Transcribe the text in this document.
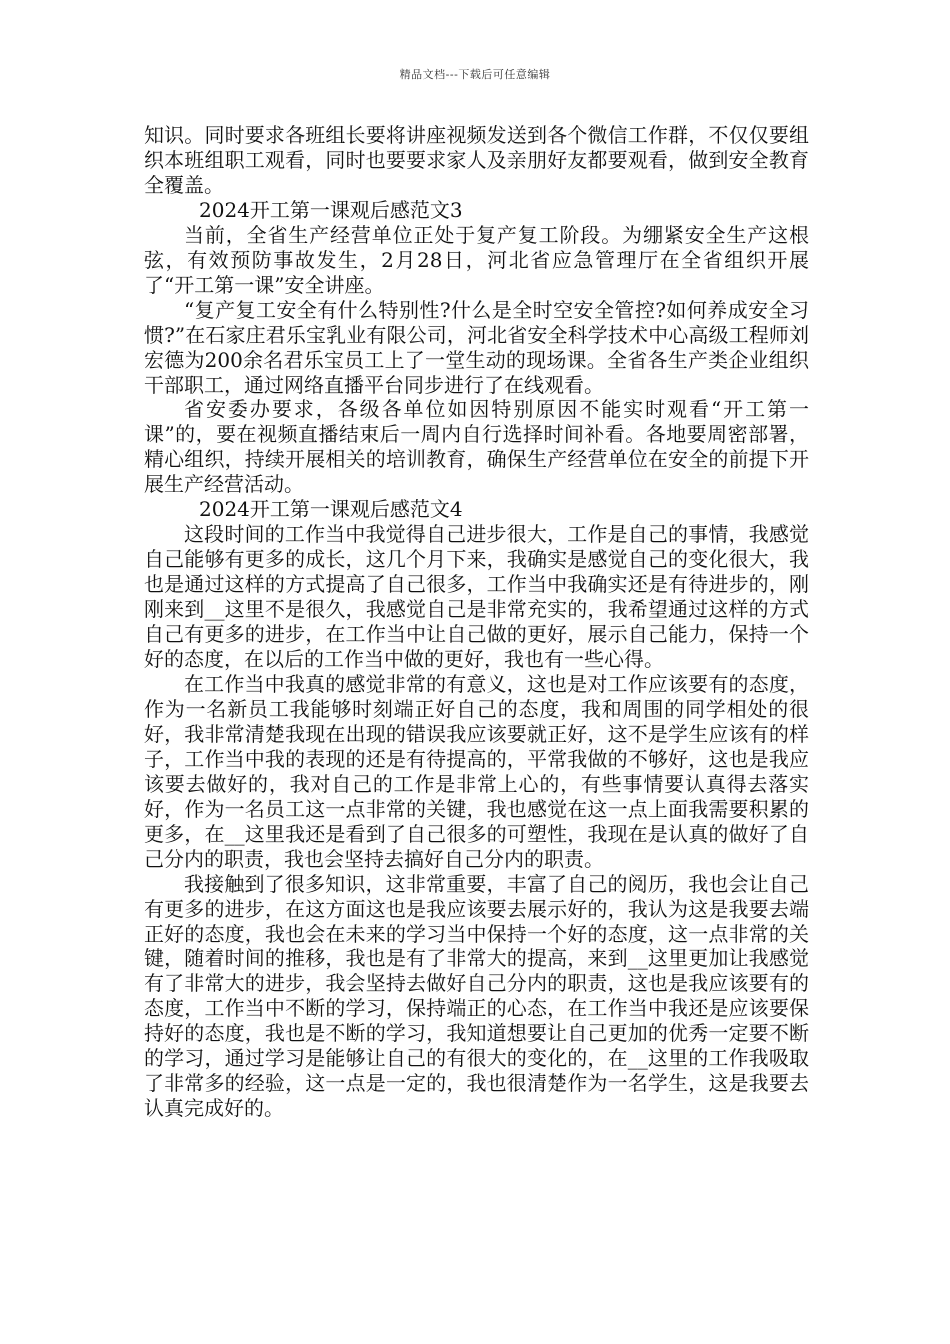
精品文档---下载后可任意编辑

知识。同时要求各班组长要将讲座视频发送到各个微信工作群，不仅仅要组织本班组职工观看，同时也要要求家人及亲朋好友都要观看，做到安全教育全覆盖。

2024开工第一课观后感范文3

当前，全省生产经营单位正处于复产复工阶段。为绷紧安全生产这根弦，有效预防事故发生，2月28日，河北省应急管理厅在全省组织开展了“开工第一课”安全讲座。

“复产复工安全有什么特别性?什么是全时空安全管控?如何养成安全习惯?”在石家庄君乐宝乳业有限公司，河北省安全科学技术中心高级工程师刘宏德为200余名君乐宝员工上了一堂生动的现场课。全省各生产类企业组织干部职工，通过网络直播平台同步进行了在线观看。

省安委办要求，各级各单位如因特别原因不能实时观看“开工第一课”的，要在视频直播结束后一周内自行选择时间补看。各地要周密部署，精心组织，持续开展相关的培训教育，确保生产经营单位在安全的前提下开展生产经营活动。

2024开工第一课观后感范文4

这段时间的工作当中我觉得自己进步很大，工作是自己的事情，我感觉自己能够有更多的成长，这几个月下来，我确实是感觉自己的变化很大，我也是通过这样的方式提高了自己很多，工作当中我确实还是有待进步的，刚刚来到__这里不是很久，我感觉自己是非常充实的，我希望通过这样的方式自己有更多的进步，在工作当中让自己做的更好，展示自己能力，保持一个好的态度，在以后的工作当中做的更好，我也有一些心得。

在工作当中我真的感觉非常的有意义，这也是对工作应该要有的态度，作为一名新员工我能够时刻端正好自己的态度，我和周围的同学相处的很好，我非常清楚我现在出现的错误我应该要就正好，这不是学生应该有的样子，工作当中我的表现的还是有待提高的，平常我做的不够好，这也是我应该要去做好的，我对自己的工作是非常上心的，有些事情要认真得去落实好，作为一名员工这一点非常的关键，我也感觉在这一点上面我需要积累的更多，在__这里我还是看到了自己很多的可塑性，我现在是认真的做好了自己分内的职责，我也会坚持去搞好自己分内的职责。

我接触到了很多知识，这非常重要，丰富了自己的阅历，我也会让自己有更多的进步，在这方面这也是我应该要去展示好的，我认为这是我要去端正好的态度，我也会在未来的学习当中保持一个好的态度，这一点非常的关键，随着时间的推移，我也是有了非常大的提高，来到__这里更加让我感觉有了非常大的进步，我会坚持去做好自己分内的职责，这也是我应该要有的态度，工作当中不断的学习，保持端正的心态，在工作当中我还是应该要保持好的态度，我也是不断的学习，我知道想要让自己更加的优秀一定要不断的学习，通过学习是能够让自己的有很大的变化的，在__这里的工作我吸取了非常多的经验，这一点是一定的，我也很清楚作为一名学生，这是我要去认真完成好的。
